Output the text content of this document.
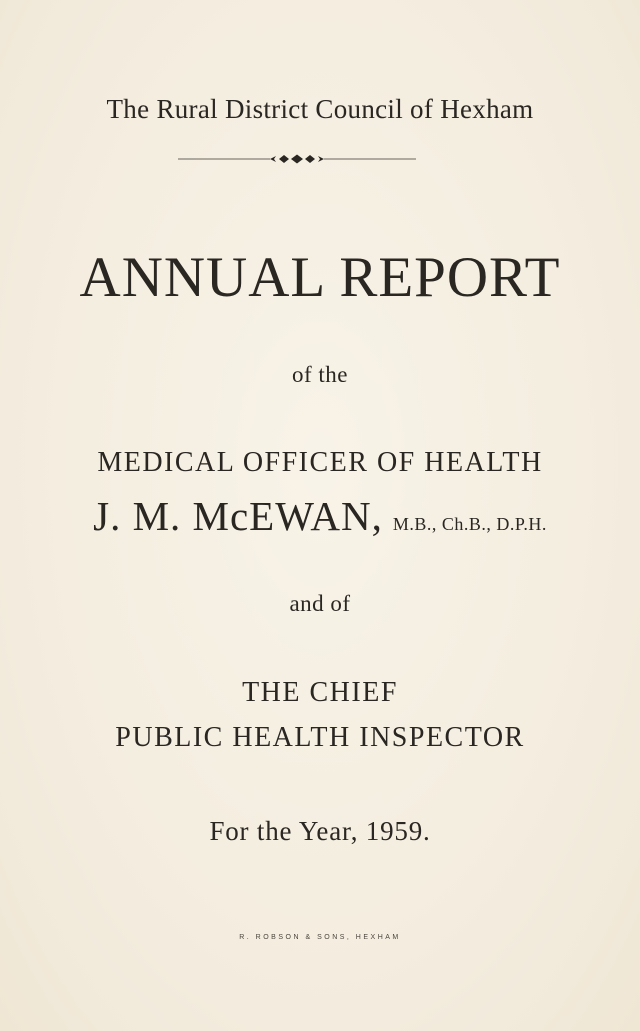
The Rural District Council of Hexham
ANNUAL REPORT
of the
MEDICAL OFFICER OF HEALTH
J. M. McEWAN, M.B., Ch.B., D.P.H.
and of
THE CHIEF
PUBLIC HEALTH INSPECTOR
For the Year, 1959.
R. ROBSON & SONS, HEXHAM
